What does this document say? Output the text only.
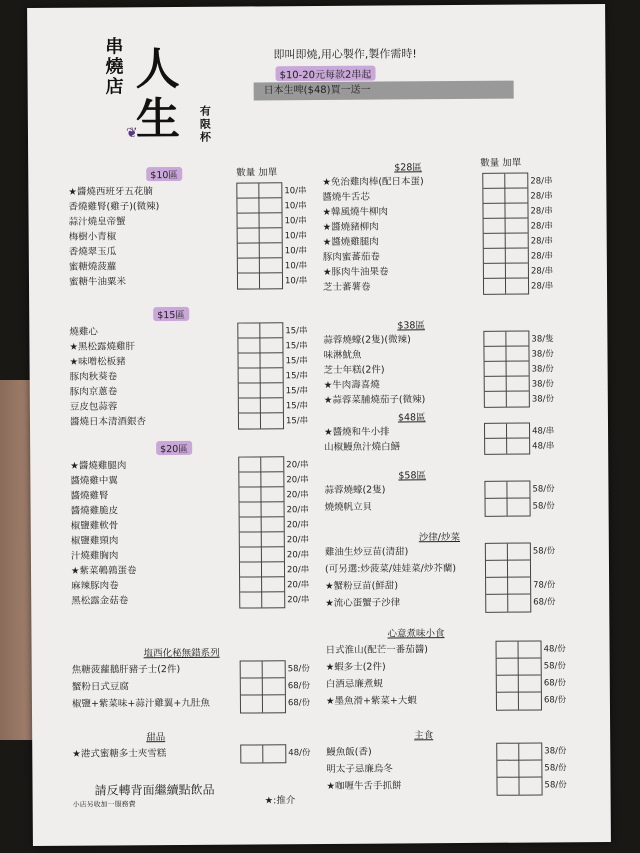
串燒店 人生	有限杯
❦
即叫即燒,用心製作,製作需時!
$10-20元每款2串起
日本生啤($48)買一送一
數量 加單
數量 加單
$10區
★醬燒西班牙五花腩	10/串
香燒雞腎(雞子)(微辣)	10/串
蒜汁燒皇帝蟹	10/串
梅樹小青椒	10/串
香燒翠玉瓜	10/串
蜜糖燒菠蘿	10/串
蜜糖牛油粟米	10/串
$15區
燒雞心	15/串
★黑松露燒雞肝	15/串
★味噌松板豬	15/串
豚肉秋葵卷	15/串
豚肉京蔥卷	15/串
豆皮包蒜蓉	15/串
醬燒日本清酒銀杏	15/串
$20區
★醬燒雞腿肉	20/串
醬燒雞中翼	20/串
醬燒雞腎	20/串
醬燒雞脆皮	20/串
椒鹽雞軟骨	20/串
椒鹽雞頸肉	20/串
汁燒雞胸肉	20/串
★紫菜鵪鶉蛋卷	20/串
麻辣豚肉卷	20/串
黑松露金菇卷	20/串
塩西化秘無錯系列
焦糖菠蘿鵝肝豬子士(2件)	58/份
蟹粉日式豆腐	68/份
椒鹽+紫菜味+蒜汁雞翼+九肚魚	68/份
甜品
★港式蜜糖多士夾雪糕	48/份
$28區
★免治雞肉棒(配日本蛋)	28/串
醬燒牛舌芯	28/串
★韓風燒牛柳肉	28/串
★醬燒豬柳肉	28/串
★醬燒雞腿肉	28/串
豚肉蜜蕃茄卷	28/串
★豚肉牛油果卷	28/串
芝士蕃薯卷	28/串
$38區
蒜蓉燒蠔(2隻)(微辣)	38/隻
味淋魷魚	38/份
芝士年糕(2件)	38/份
★牛肉壽喜燒	38/份
★蒜蓉菜脯燒茄子(微辣)	38/份
$48區
★醬燒和牛小排	48/串
山椒鰻魚汁燒白鱔	48/串
$58區
蒜蓉燒蠔(2隻)	58/份
燒燒帆立貝	58/份
沙律/炒菜
雞油生炒豆苗(清甜)	58/份
(可另選:炒菠菜/娃娃菜/炒芥蘭)
★蟹粉豆苗(鮮甜)	78/份
★流心蛋蟹子沙律	68/份
心意煮味小食
日式淮山(配芒一番茄醬)	48/份
★蝦多士(2件)	58/份
白酒忌廉煮蜆	68/份
★墨魚滑+紫菜+大蝦	68/份
主食
鰻魚飯(香)	38/份
明太子忌廉烏冬	58/份
★咖喱牛舌手抓餅	58/份
請反轉背面繼續點飲品
小店另收加一服務費	★:推介
